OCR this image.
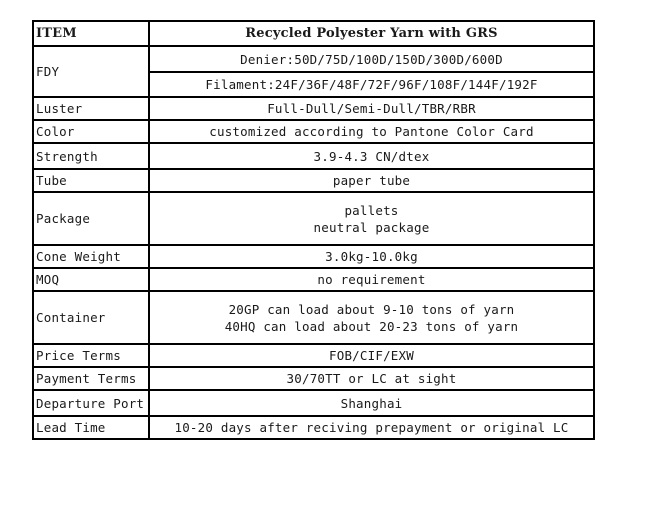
ITEM	Recycled Polyester Yarn with GRS
FDY	Denier:50D/75D/100D/150D/300D/600D
	Filament:24F/36F/48F/72F/96F/108F/144F/192F
Luster	Full-Dull/Semi-Dull/TBR/RBR
Color	customized according to Pantone Color Card
Strength	3.9-4.3 CN/dtex
Tube	paper tube
Package	pallets
neutral package

Cone Weight	3.0kg-10.0kg
MOQ	no requirement
Container	20GP can load about 9-10 tons of yarn
40HQ can load about 20-23 tons of yarn

Price Terms	FOB/CIF/EXW
Payment Terms	30/70TT or LC at sight
Departure Port	Shanghai
Lead Time	10-20 days after reciving prepayment or original LC
